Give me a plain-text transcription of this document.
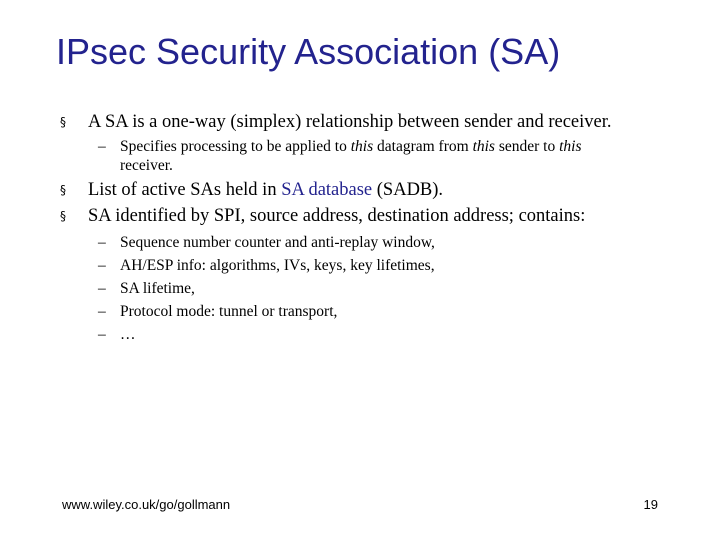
IPsec Security Association (SA)
§ A SA is a one-way (simplex) relationship between sender and receiver.
– Specifies processing to be applied to this datagram from this sender to this
receiver.
§ List of active SAs held in SA database (SADB).
§ SA identified by SPI, source address, destination address; contains:
– Sequence number counter and anti-replay window,
– AH/ESP info: algorithms, IVs, keys, key lifetimes,
– SA lifetime,
– Protocol mode: tunnel or transport,
– …
www.wiley.co.uk/go/gollmann	19
